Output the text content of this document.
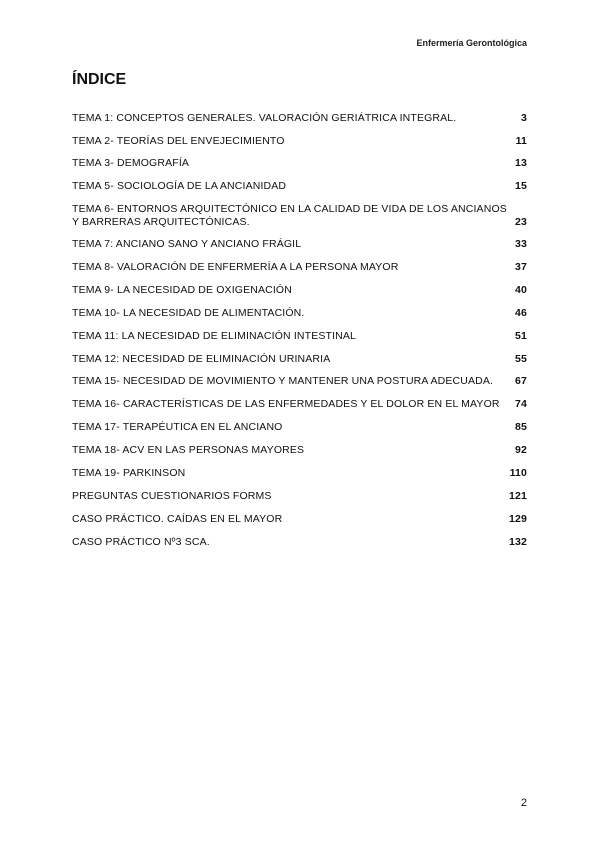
Enfermería Gerontológica
ÍNDICE
TEMA 1: CONCEPTOS GENERALES. VALORACIÓN GERIÁTRICA INTEGRAL.	3
TEMA 2- TEORÍAS DEL ENVEJECIMIENTO	11
TEMA 3- DEMOGRAFÍA	13
TEMA 5- SOCIOLOGÍA DE LA ANCIANIDAD	15
TEMA 6- ENTORNOS ARQUITECTÓNICO EN LA CALIDAD DE VIDA DE LOS ANCIANOS Y BARRERAS ARQUITECTÓNICAS.	23
TEMA 7: ANCIANO SANO Y ANCIANO FRÁGIL	33
TEMA 8- VALORACIÓN DE ENFERMERÍA A LA PERSONA MAYOR	37
TEMA 9- LA NECESIDAD DE OXIGENACIÓN	40
TEMA 10- LA NECESIDAD DE ALIMENTACIÓN.	46
TEMA 11: LA NECESIDAD DE ELIMINACIÓN INTESTINAL	51
TEMA 12: NECESIDAD DE ELIMINACIÓN URINARIA	55
TEMA 15- NECESIDAD DE MOVIMIENTO Y MANTENER UNA POSTURA ADECUADA.	67
TEMA 16- CARACTERÍSTICAS DE LAS ENFERMEDADES Y EL DOLOR EN EL MAYOR	74
TEMA 17- TERAPÉUTICA EN EL ANCIANO	85
TEMA 18- ACV EN LAS PERSONAS MAYORES	92
TEMA 19- PARKINSON	110
PREGUNTAS CUESTIONARIOS FORMS	121
CASO PRÁCTICO. CAÍDAS EN EL MAYOR	129
CASO PRÁCTICO Nº3 SCA.	132
2
